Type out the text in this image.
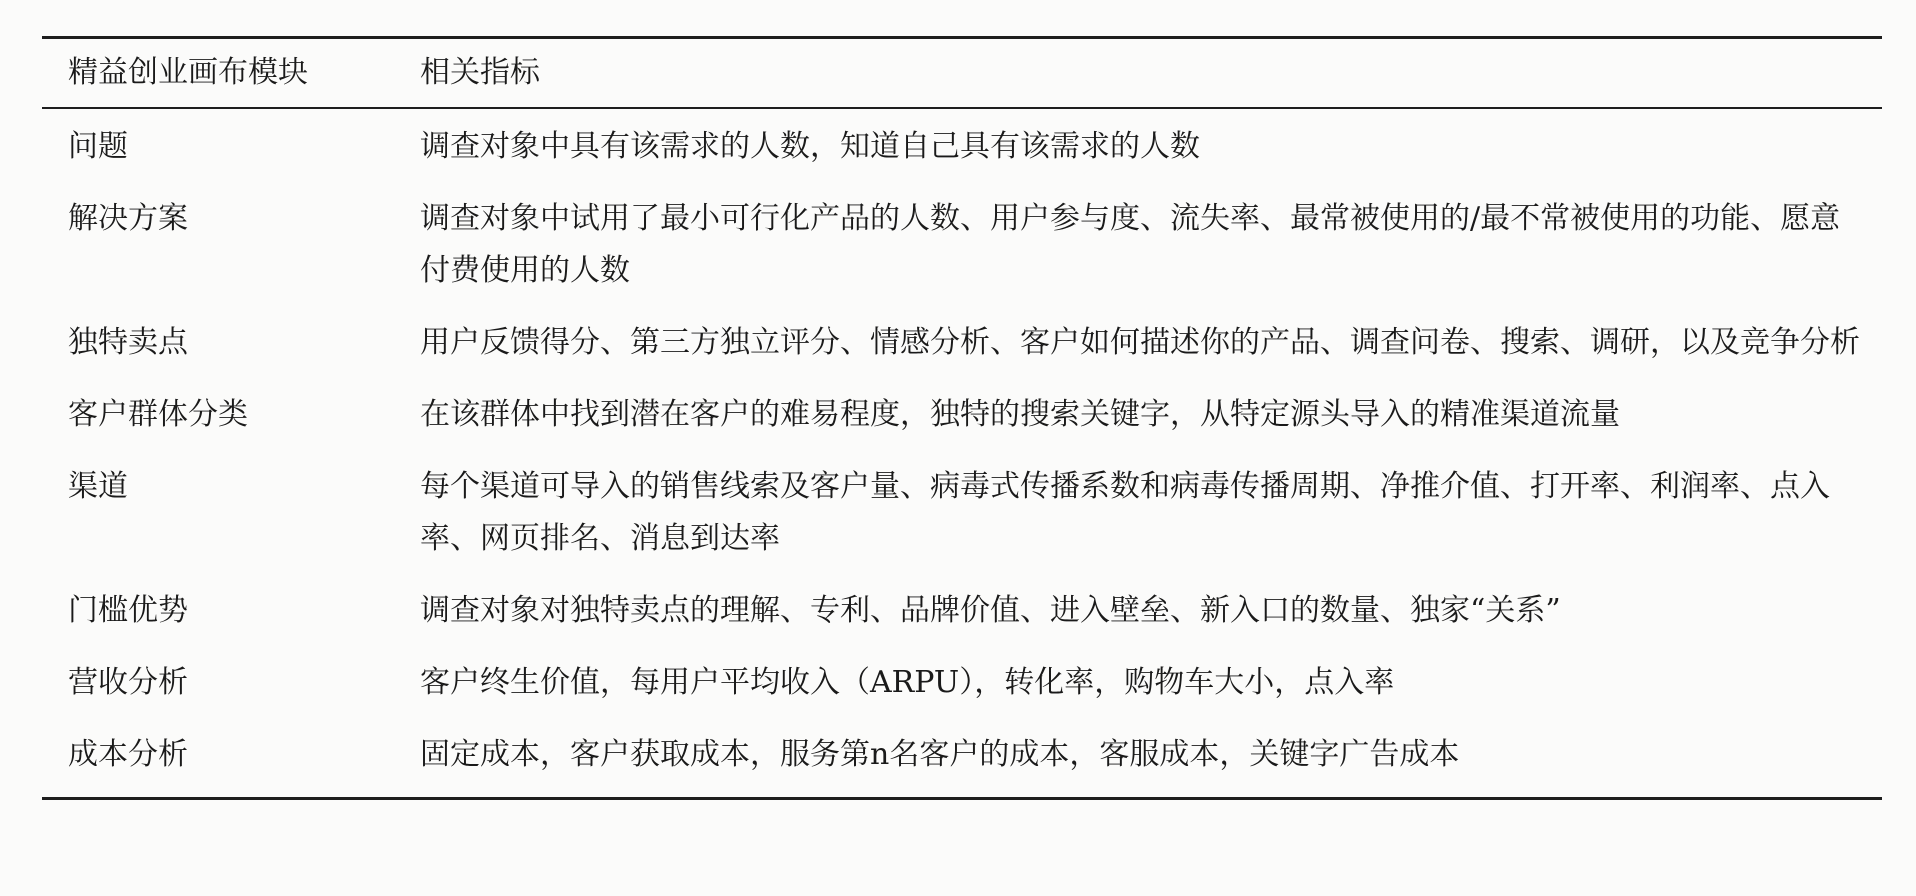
精益创业画布模块	相关指标
问题	调查对象中具有该需求的人数，知道自己具有该需求的人数
解决方案	调查对象中试用了最小可行化产品的人数、用户参与度、流失率、最常被使用的/最不常被使用的功能、愿意付费使用的人数
独特卖点	用户反馈得分、第三方独立评分、情感分析、客户如何描述你的产品、调查问卷、搜索、调研，以及竞争分析
客户群体分类	在该群体中找到潜在客户的难易程度，独特的搜索关键字，从特定源头导入的精准渠道流量
渠道	每个渠道可导入的销售线索及客户量、病毒式传播系数和病毒传播周期、净推介值、打开率、利润率、点入率、网页排名、消息到达率
门槛优势	调查对象对独特卖点的理解、专利、品牌价值、进入壁垒、新入口的数量、独家“关系”
营收分析	客户终生价值，每用户平均收入（ARPU），转化率，购物车大小，点入率
成本分析	固定成本，客户获取成本，服务第n名客户的成本，客服成本，关键字广告成本
